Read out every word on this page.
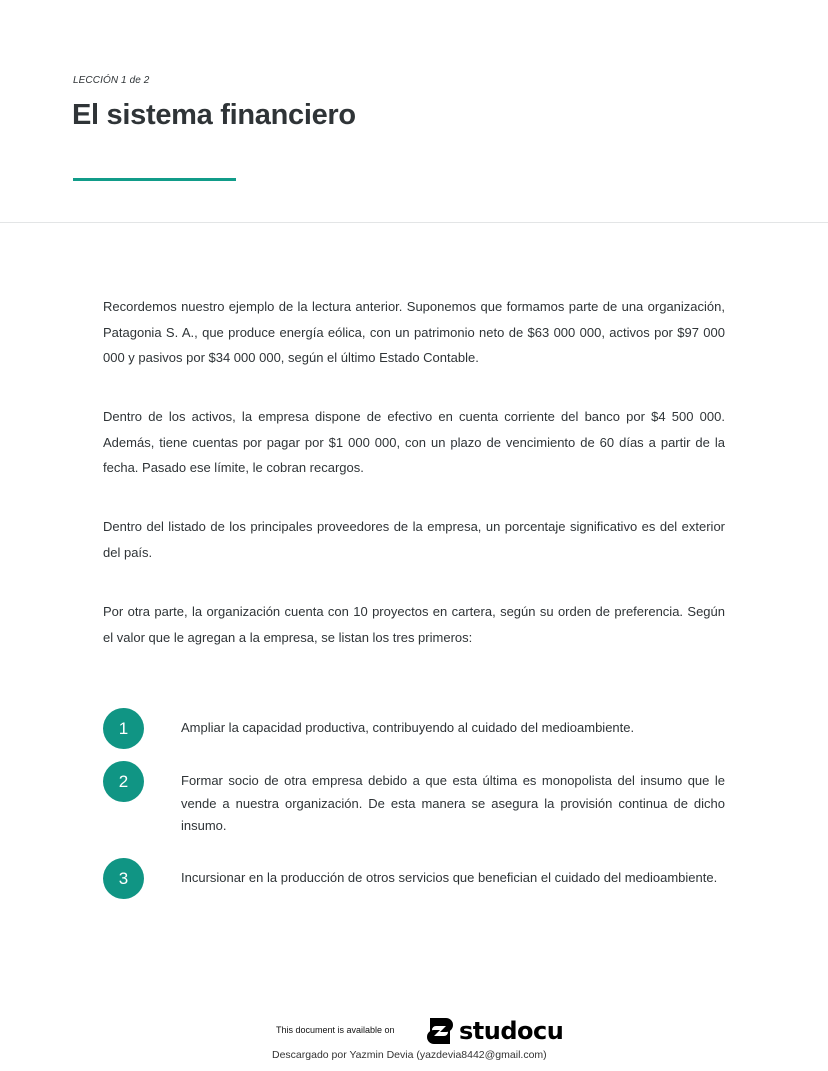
LECCIÓN 1 de 2
El sistema financiero

Recordemos nuestro ejemplo de la lectura anterior. Suponemos que formamos parte de una organización, Patagonia S. A., que produce energía eólica, con un patrimonio neto de $63 000 000, activos por $97 000 000 y pasivos por $34 000 000, según el último Estado Contable.

Dentro de los activos, la empresa dispone de efectivo en cuenta corriente del banco por $4 500 000. Además, tiene cuentas por pagar por $1 000 000, con un plazo de vencimiento de 60 días a partir de la fecha. Pasado ese límite, le cobran recargos.

Dentro del listado de los principales proveedores de la empresa, un porcentaje significativo es del exterior del país.

Por otra parte, la organización cuenta con 10 proyectos en cartera, según su orden de preferencia. Según el valor que le agregan a la empresa, se listan los tres primeros:

1	Ampliar la capacidad productiva, contribuyendo al cuidado del medioambiente.
2	Formar socio de otra empresa debido a que esta última es monopolista del insumo que le vende a nuestra organización. De esta manera se asegura la provisión continua de dicho insumo.
3	Incursionar en la producción de otros servicios que benefician el cuidado del medioambiente.
This document is available on	studocu
Descargado por Yazmin Devia (yazdevia8442@gmail.com)
